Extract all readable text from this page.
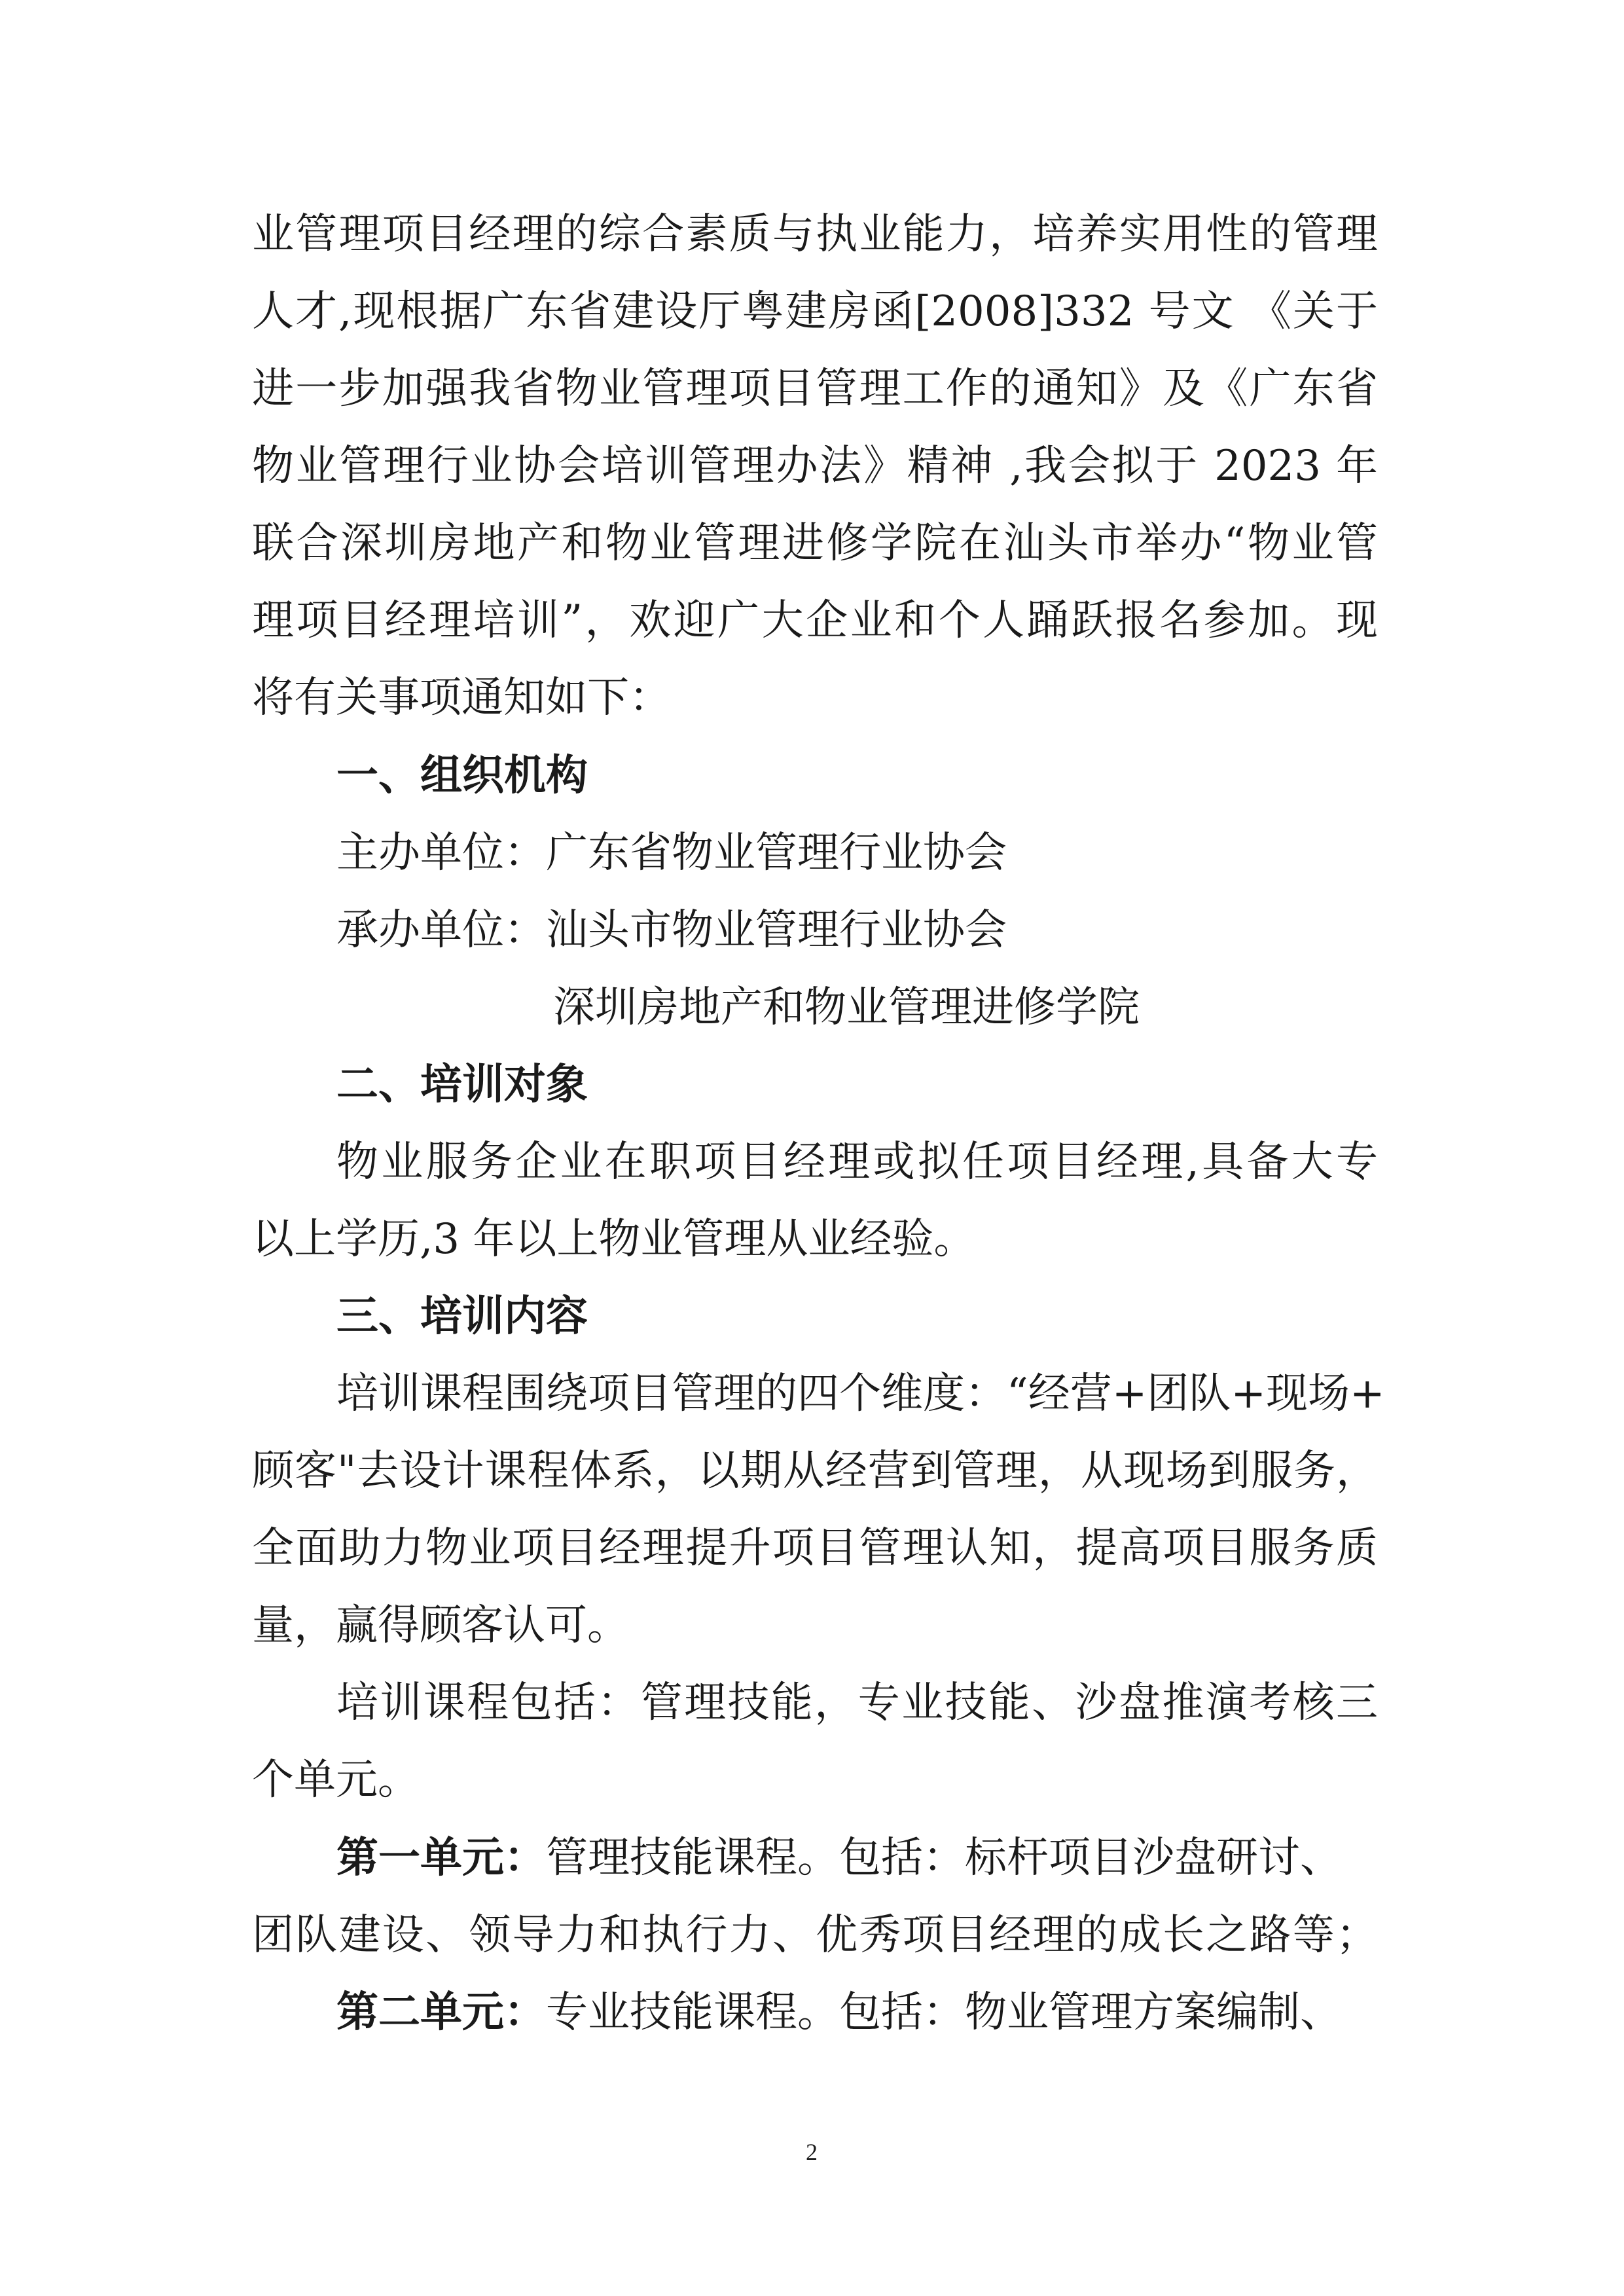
业管理项目经理的综合素质与执业能力，培养实用性的管理
人才,现根据广东省建设厅粤建房函[2008]332 号文 《关于
进一步加强我省物业管理项目管理工作的通知》及《广东省
物业管理行业协会培训管理办法》精神 ,我会拟于 2023 年
联合深圳房地产和物业管理进修学院在汕头市举办“物业管
理项目经理培训”，欢迎广大企业和个人踊跃报名参加。现
将有关事项通知如下：
一、组织机构
主办单位：广东省物业管理行业协会
承办单位：汕头市物业管理行业协会
深圳房地产和物业管理进修学院
二、培训对象
物业服务企业在职项目经理或拟任项目经理,具备大专
以上学历,3 年以上物业管理从业经验。
三、培训内容
培训课程围绕项目管理的四个维度：“经营+团队+现场+
顾客"去设计课程体系，以期从经营到管理，从现场到服务，
全面助力物业项目经理提升项目管理认知，提高项目服务质
量，赢得顾客认可。
培训课程包括：管理技能，专业技能、沙盘推演考核三
个单元。
第一单元：管理技能课程。包括：标杆项目沙盘研讨、
团队建设、领导力和执行力、优秀项目经理的成长之路等；
第二单元：专业技能课程。包括：物业管理方案编制、
2
